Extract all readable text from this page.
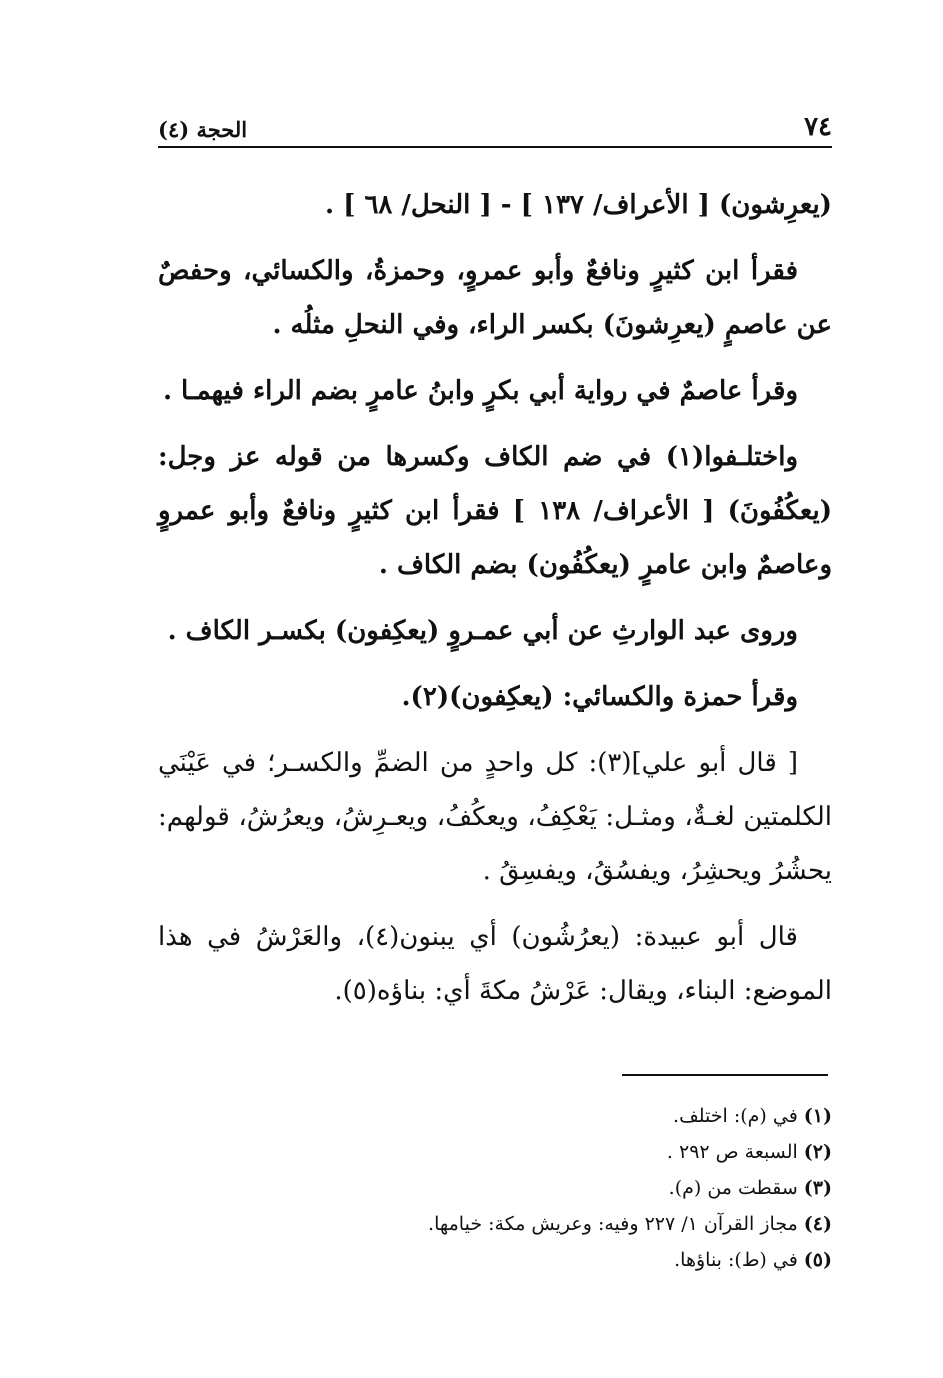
٧٤
الحجة (٤)

(يعرِشون) [ الأعراف/ ١٣٧ ] - [ النحل/ ٦٨ ] .

فقرأ ابن كثيرٍ ونافعٌ وأبو عمروٍ، وحمزةُ، والكسائي، وحفصٌ عن عاصمٍ (يعرِشونَ) بكسر الراء، وفي النحلِ مثلُه .

وقرأ عاصمٌ في رواية أبي بكرٍ وابنُ عامرٍ بضم الراء فيهمـا .

واختلـفوا(١) في ضم الكاف وكسرها من قوله عز وجل: (يعكُفُونَ) [ الأعراف/ ١٣٨ ] فقرأ ابن كثيرٍ ونافعٌ وأبو عمروٍ وعاصمٌ وابن عامرٍ (يعكُفُون) بضم الكاف .

وروى عبد الوارثِ عن أبي عمـروٍ (يعكِفون) بكسـر الكاف .

وقرأ حمزة والكسائي: (يعكِفون)(٢).

[ قال أبو علي](٣): كل واحدٍ من الضمِّ والكسـر؛ في عَيْنَي الكلمتين لغـةٌ، ومثـل: يَعْكِفُ، ويعكُفُ، ويعـرِشُ، ويعرُشُ، قولهم: يحشُرُ ويحشِرُ، ويفسُقُ، ويفسِقُ .

قال أبو عبيدة: (يعرُشُون) أي يبنون(٤)، والعَرْشُ في هذا الموضع: البناء، ويقال: عَرْشُ مكةَ أي: بناؤه(٥).

(١)في (م): اختلف.
(٢)السبعة ص ٢٩٢ .
(٣)سقطت من (م).
(٤)مجاز القرآن ١/ ٢٢٧ وفيه: وعريش مكة: خيامها.
(٥)في (ط): بناؤها.
